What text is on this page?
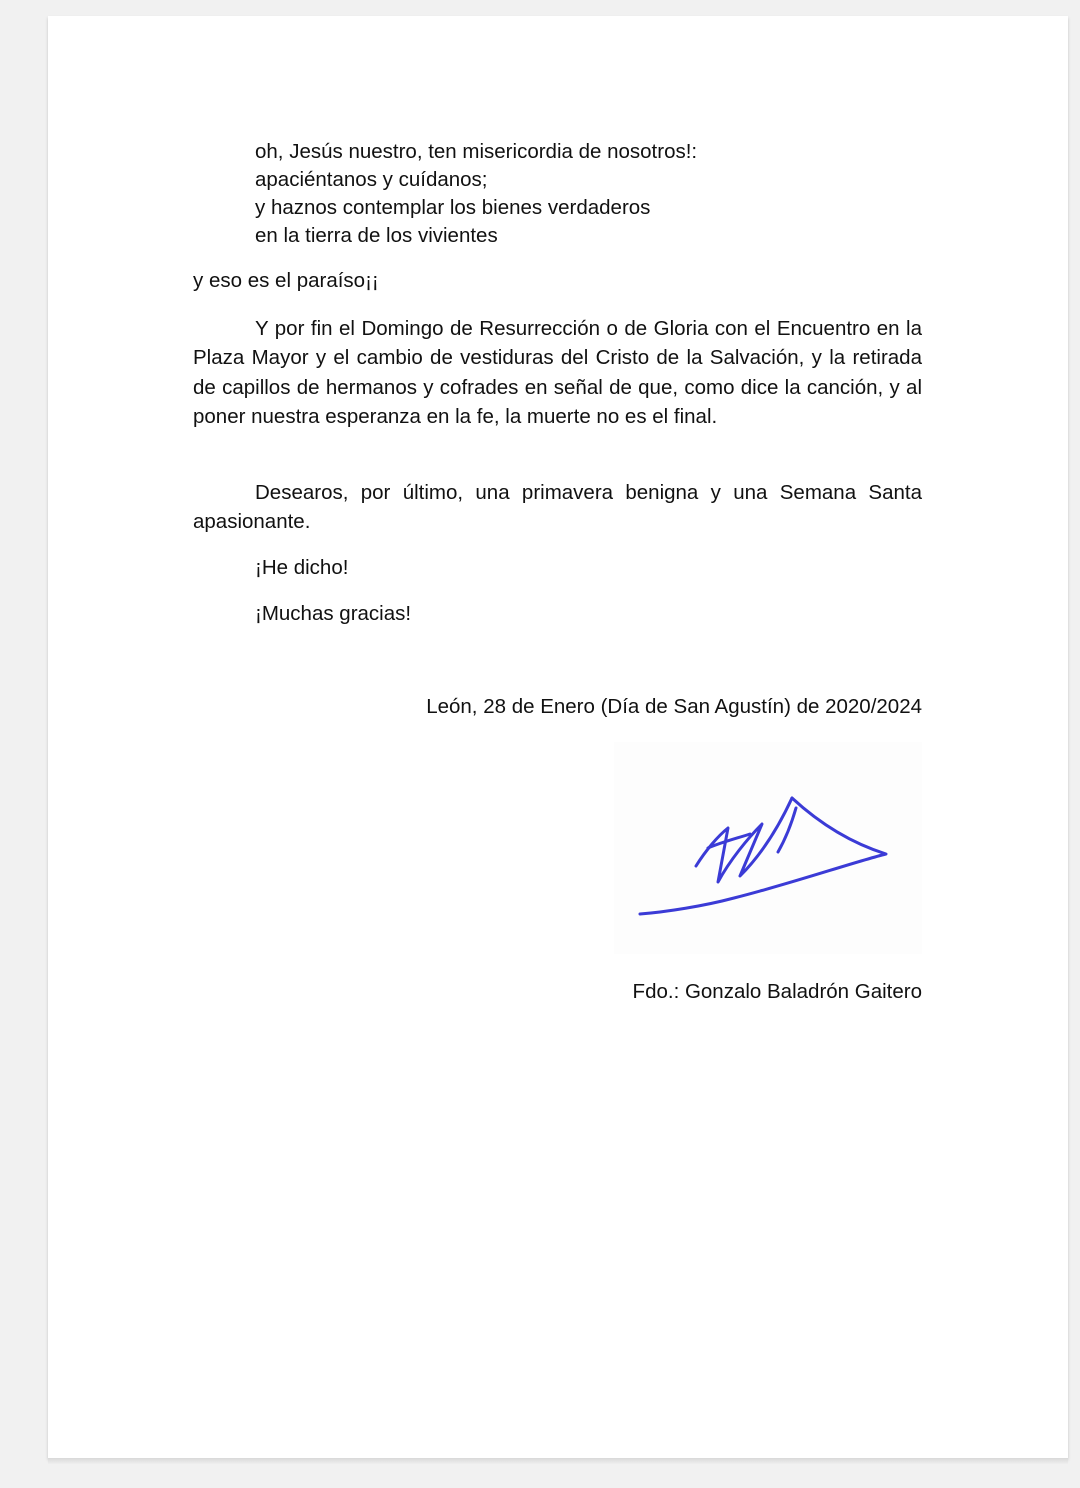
oh, Jesús nuestro, ten misericordia de nosotros!:
apaciéntanos y cuídanos;
y haznos contemplar los bienes verdaderos
en la tierra de los vivientes
y eso es el paraíso¡¡

Y por fin el Domingo de Resurrección o de Gloria con el Encuentro en la Plaza Mayor y el cambio de vestiduras del Cristo de la Salvación, y la retirada de capillos de hermanos y cofrades en señal de que, como dice la canción, y al poner nuestra esperanza en la fe, la muerte no es el final.

Desearos, por último, una primavera benigna y una Semana Santa apasionante.

¡He dicho!
¡Muchas gracias!
León, 28 de Enero (Día de San Agustín) de 2020/2024
Fdo.: Gonzalo Baladrón Gaitero
